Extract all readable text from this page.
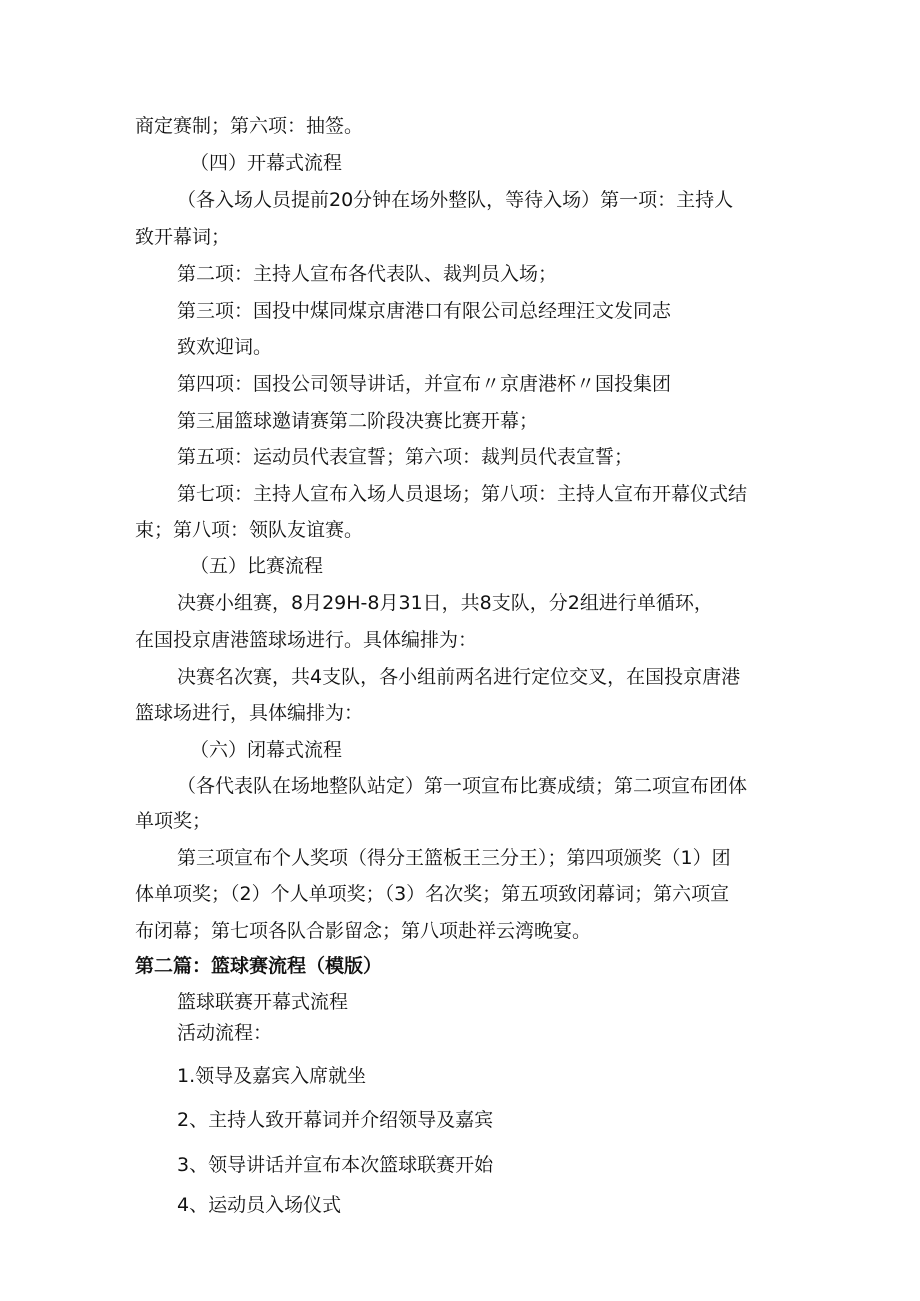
商定赛制；第六项：抽签。
（四）开幕式流程
（各入场人员提前20分钟在场外整队，等待入场）第一项：主持人
致开幕词；
第二项：主持人宣布各代表队、裁判员入场；
第三项：国投中煤同煤京唐港口有限公司总经理汪文发同志
致欢迎词。
第四项：国投公司领导讲话，并宣布〃京唐港杯〃国投集团
第三届篮球邀请赛第二阶段决赛比赛开幕；
第五项：运动员代表宣誓；第六项：裁判员代表宣誓；
第七项：主持人宣布入场人员退场；第八项：主持人宣布开幕仪式结
束；第八项：领队友谊赛。
（五）比赛流程
决赛小组赛，8月29H-8月31日，共8支队，分2组进行单循环，
在国投京唐港篮球场进行。具体编排为：
决赛名次赛，共4支队，各小组前两名进行定位交叉，在国投京唐港
篮球场进行，具体编排为：
（六）闭幕式流程
（各代表队在场地整队站定）第一项宣布比赛成绩；第二项宣布团体
单项奖；
第三项宣布个人奖项（得分王篮板王三分王）；第四项颁奖（1）团
体单项奖；（2）个人单项奖；（3）名次奖；第五项致闭幕词；第六项宣
布闭幕；第七项各队合影留念；第八项赴祥云湾晚宴。
第二篇：篮球赛流程（模版）
篮球联赛开幕式流程
活动流程：
1.领导及嘉宾入席就坐
2、主持人致开幕词并介绍领导及嘉宾
3、领导讲话并宣布本次篮球联赛开始
4、运动员入场仪式
